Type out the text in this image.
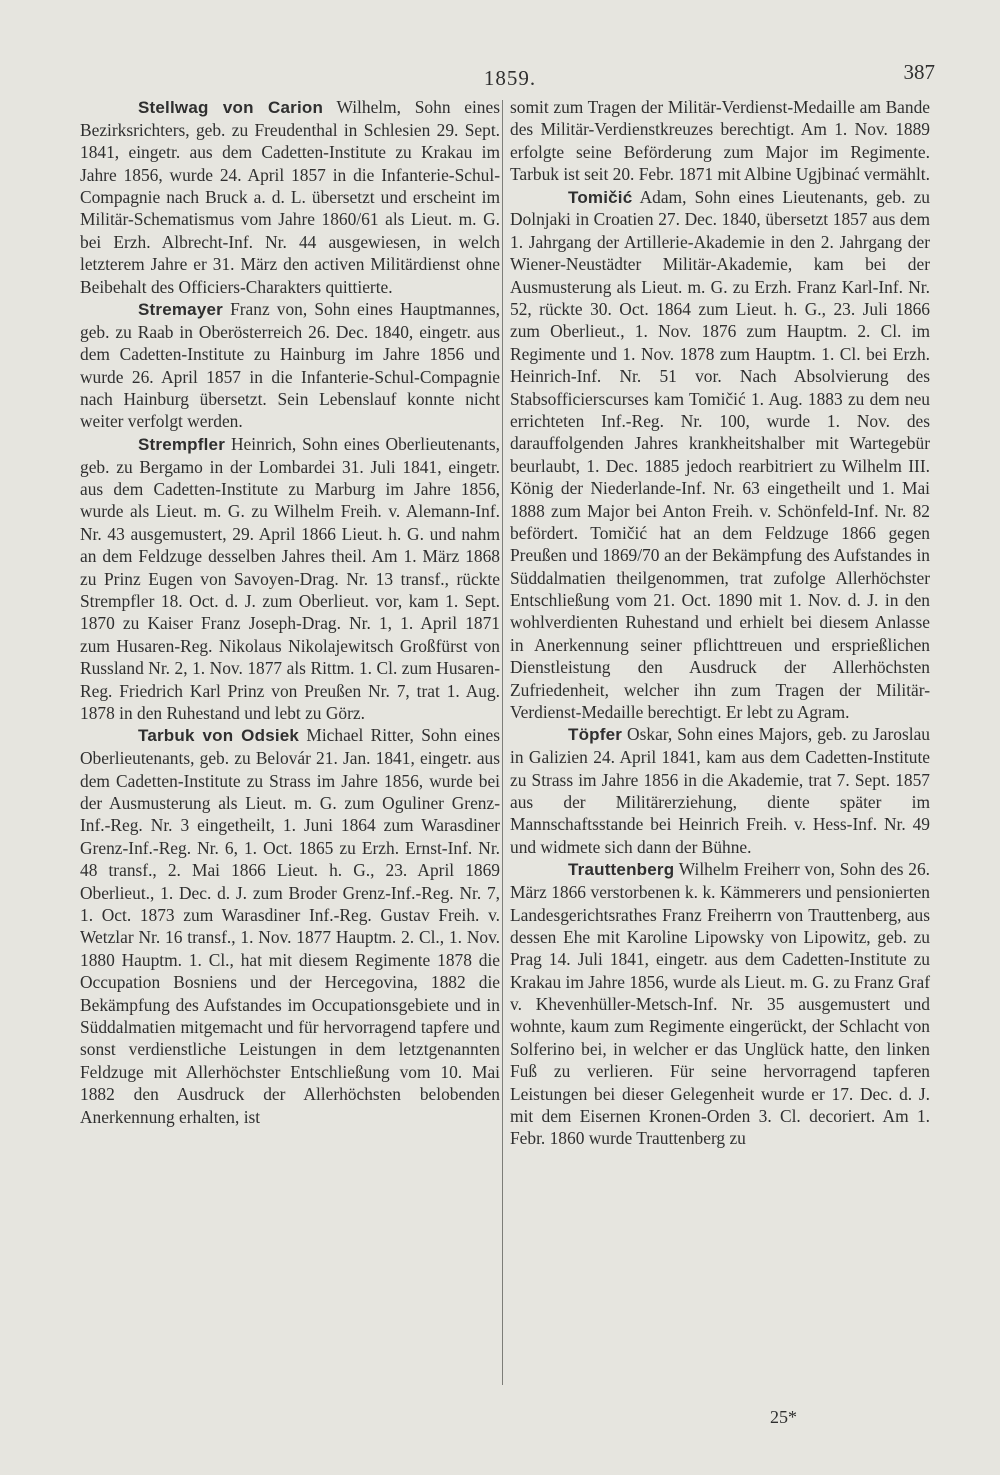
1859.	387

Stellwag von Carion Wilhelm, Sohn eines Bezirksrichters, geb. zu Freudenthal in Schlesien 29. Sept. 1841, eingetr. aus dem Cadetten-Institute zu Krakau im Jahre 1856, wurde 24. April 1857 in die Infanterie-Schul-Compagnie nach Bruck a. d. L. übersetzt und erscheint im Militär-Schematismus vom Jahre 1860/61 als Lieut. m. G. bei Erzh. Albrecht-Inf. Nr. 44 ausgewiesen, in welch letzterem Jahre er 31. März den activen Militärdienst ohne Beibehalt des Officiers-Charakters quittierte.

Stremayer Franz von, Sohn eines Hauptmannes, geb. zu Raab in Oberösterreich 26. Dec. 1840, eingetr. aus dem Cadetten-Institute zu Hainburg im Jahre 1856 und wurde 26. April 1857 in die Infanterie-Schul-Compagnie nach Hainburg übersetzt. Sein Lebenslauf konnte nicht weiter verfolgt werden.

Strempfler Heinrich, Sohn eines Oberlieutenants, geb. zu Bergamo in der Lombardei 31. Juli 1841, eingetr. aus dem Cadetten-Institute zu Marburg im Jahre 1856, wurde als Lieut. m. G. zu Wilhelm Freih. v. Alemann-Inf. Nr. 43 ausgemustert, 29. April 1866 Lieut. h. G. und nahm an dem Feldzuge desselben Jahres theil. Am 1. März 1868 zu Prinz Eugen von Savoyen-Drag. Nr. 13 transf., rückte Strempfler 18. Oct. d. J. zum Oberlieut. vor, kam 1. Sept. 1870 zu Kaiser Franz Joseph-Drag. Nr. 1, 1. April 1871 zum Husaren-Reg. Nikolaus Nikolajewitsch Großfürst von Russland Nr. 2, 1. Nov. 1877 als Rittm. 1. Cl. zum Husaren-Reg. Friedrich Karl Prinz von Preußen Nr. 7, trat 1. Aug. 1878 in den Ruhestand und lebt zu Görz.

Tarbuk von Odsiek Michael Ritter, Sohn eines Oberlieutenants, geb. zu Belovár 21. Jan. 1841, eingetr. aus dem Cadetten-Institute zu Strass im Jahre 1856, wurde bei der Ausmusterung als Lieut. m. G. zum Oguliner Grenz-Inf.-Reg. Nr. 3 eingetheilt, 1. Juni 1864 zum Warasdiner Grenz-Inf.-Reg. Nr. 6, 1. Oct. 1865 zu Erzh. Ernst-Inf. Nr. 48 transf., 2. Mai 1866 Lieut. h. G., 23. April 1869 Oberlieut., 1. Dec. d. J. zum Broder Grenz-Inf.-Reg. Nr. 7, 1. Oct. 1873 zum Warasdiner Inf.-Reg. Gustav Freih. v. Wetzlar Nr. 16 transf., 1. Nov. 1877 Hauptm. 2. Cl., 1. Nov. 1880 Hauptm. 1. Cl., hat mit diesem Regimente 1878 die Occupation Bosniens und der Hercegovina, 1882 die Bekämpfung des Aufstandes im Occupationsgebiete und in Süddalmatien mitgemacht und für hervorragend tapfere und sonst verdienstliche Leistungen in dem letztgenannten Feldzuge mit Allerhöchster Entschließung vom 10. Mai 1882 den Ausdruck der Allerhöchsten belobenden Anerkennung erhalten, ist

somit zum Tragen der Militär-Verdienst-Medaille am Bande des Militär-Verdienstkreuzes berechtigt. Am 1. Nov. 1889 erfolgte seine Beförderung zum Major im Regimente. Tarbuk ist seit 20. Febr. 1871 mit Albine Ugjbinać vermählt.

Tomičić Adam, Sohn eines Lieutenants, geb. zu Dolnjaki in Croatien 27. Dec. 1840, übersetzt 1857 aus dem 1. Jahrgang der Artillerie-Akademie in den 2. Jahrgang der Wiener-Neustädter Militär-Akademie, kam bei der Ausmusterung als Lieut. m. G. zu Erzh. Franz Karl-Inf. Nr. 52, rückte 30. Oct. 1864 zum Lieut. h. G., 23. Juli 1866 zum Oberlieut., 1. Nov. 1876 zum Hauptm. 2. Cl. im Regimente und 1. Nov. 1878 zum Hauptm. 1. Cl. bei Erzh. Heinrich-Inf. Nr. 51 vor. Nach Absolvierung des Stabsofficierscurses kam Tomičić 1. Aug. 1883 zu dem neu errichteten Inf.-Reg. Nr. 100, wurde 1. Nov. des darauffolgenden Jahres krankheitshalber mit Wartegebür beurlaubt, 1. Dec. 1885 jedoch rearbitriert zu Wilhelm III. König der Niederlande-Inf. Nr. 63 eingetheilt und 1. Mai 1888 zum Major bei Anton Freih. v. Schönfeld-Inf. Nr. 82 befördert. Tomičić hat an dem Feldzuge 1866 gegen Preußen und 1869/70 an der Bekämpfung des Aufstandes in Süddalmatien theilgenommen, trat zufolge Allerhöchster Entschließung vom 21. Oct. 1890 mit 1. Nov. d. J. in den wohlverdienten Ruhestand und erhielt bei diesem Anlasse in Anerkennung seiner pflichttreuen und ersprießlichen Dienstleistung den Ausdruck der Allerhöchsten Zufriedenheit, welcher ihn zum Tragen der Militär-Verdienst-Medaille berechtigt. Er lebt zu Agram.

Töpfer Oskar, Sohn eines Majors, geb. zu Jaroslau in Galizien 24. April 1841, kam aus dem Cadetten-Institute zu Strass im Jahre 1856 in die Akademie, trat 7. Sept. 1857 aus der Militärerziehung, diente später im Mannschaftsstande bei Heinrich Freih. v. Hess-Inf. Nr. 49 und widmete sich dann der Bühne.

Trauttenberg Wilhelm Freiherr von, Sohn des 26. März 1866 verstorbenen k. k. Kämmerers und pensionierten Landesgerichtsrathes Franz Freiherrn von Trauttenberg, aus dessen Ehe mit Karoline Lipowsky von Lipowitz, geb. zu Prag 14. Juli 1841, eingetr. aus dem Cadetten-Institute zu Krakau im Jahre 1856, wurde als Lieut. m. G. zu Franz Graf v. Khevenhüller-Metsch-Inf. Nr. 35 ausgemustert und wohnte, kaum zum Regimente eingerückt, der Schlacht von Solferino bei, in welcher er das Unglück hatte, den linken Fuß zu verlieren. Für seine hervorragend tapferen Leistungen bei dieser Gelegenheit wurde er 17. Dec. d. J. mit dem Eisernen Kronen-Orden 3. Cl. decoriert. Am 1. Febr. 1860 wurde Trauttenberg zu

25*
